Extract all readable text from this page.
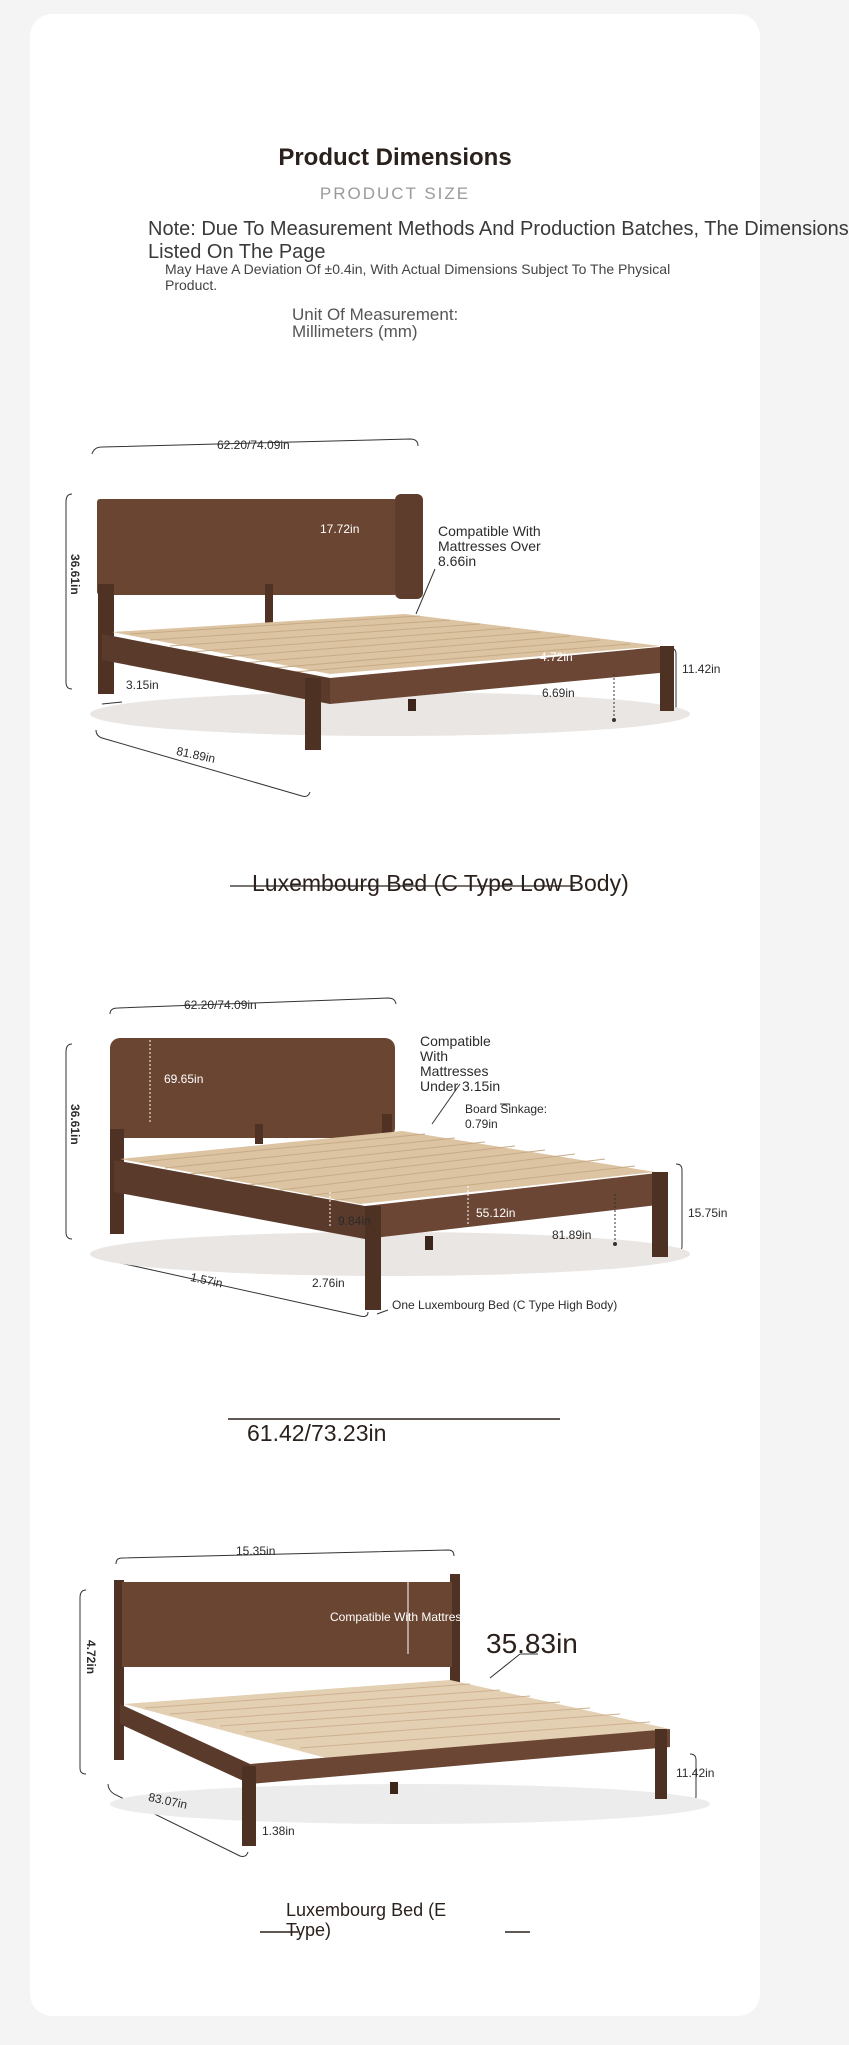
Product Dimensions
PRODUCT SIZE
Note: Due To Measurement Methods And Production Batches, The Dimensions
Listed On The Page
May Have A Deviation Of ±0.4in, With Actual Dimensions Subject To The Physical Product.
Unit Of Measurement:
Millimeters (mm)
62.20/74.09in
36.61in
17.72in	Compatible With Mattresses Over 8.66in
4.72in
6.69in
11.42in
3.15in
81.89in
Luxembourg Bed (C Type Low Body)
62.20/74.09in
36.61in
69.65in
Compatible With Mattresses Under 3.15in
Board Sinkage:
0.79in
9.84in
55.12in
81.89in
15.75in
1.57in	2.76in
One Luxembourg Bed (C Type High Body)
61.42/73.23in
15.35in
4.72in
Compatible With Mattresses
35.83in
11.42in
83.07in
1.38in
Luxembourg Bed (E Type)
